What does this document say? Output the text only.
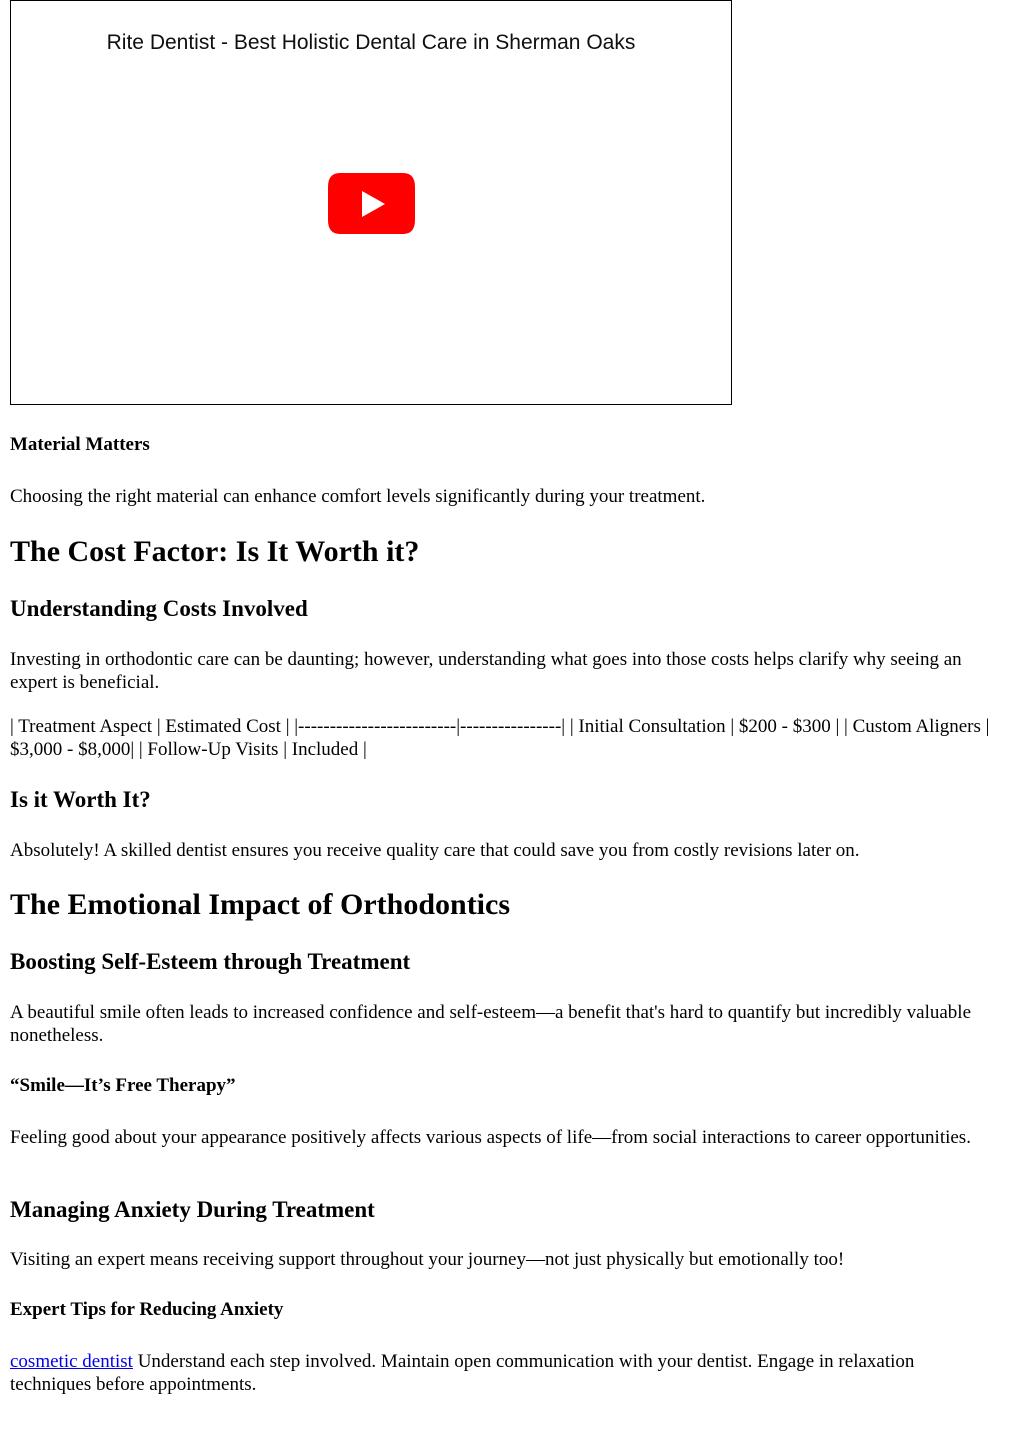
Rite Dentist - Best Holistic Dental Care in Sherman Oaks
Material Matters

Choosing the right material can enhance comfort levels significantly during your treatment.

The Cost Factor: Is It Worth it?
Understanding Costs Involved

Investing in orthodontic care can be daunting; however, understanding what goes into those costs helps clarify why seeing an expert is beneficial.

| Treatment Aspect | Estimated Cost | |-------------------------|----------------| | Initial Consultation | $200 - $300 | | Custom Aligners | $3,000 - $8,000| | Follow-Up Visits | Included |

Is it Worth It?

Absolutely! A skilled dentist ensures you receive quality care that could save you from costly revisions later on.

The Emotional Impact of Orthodontics
Boosting Self-Esteem through Treatment

A beautiful smile often leads to increased confidence and self-esteem—a benefit that's hard to quantify but incredibly valuable nonetheless.

“Smile—It’s Free Therapy”

Feeling good about your appearance positively affects various aspects of life—from social interactions to career opportunities.

Managing Anxiety During Treatment

Visiting an expert means receiving support throughout your journey—not just physically but emotionally too!

Expert Tips for Reducing Anxiety

cosmetic dentist Understand each step involved. Maintain open communication with your dentist. Engage in relaxation techniques before appointments.
